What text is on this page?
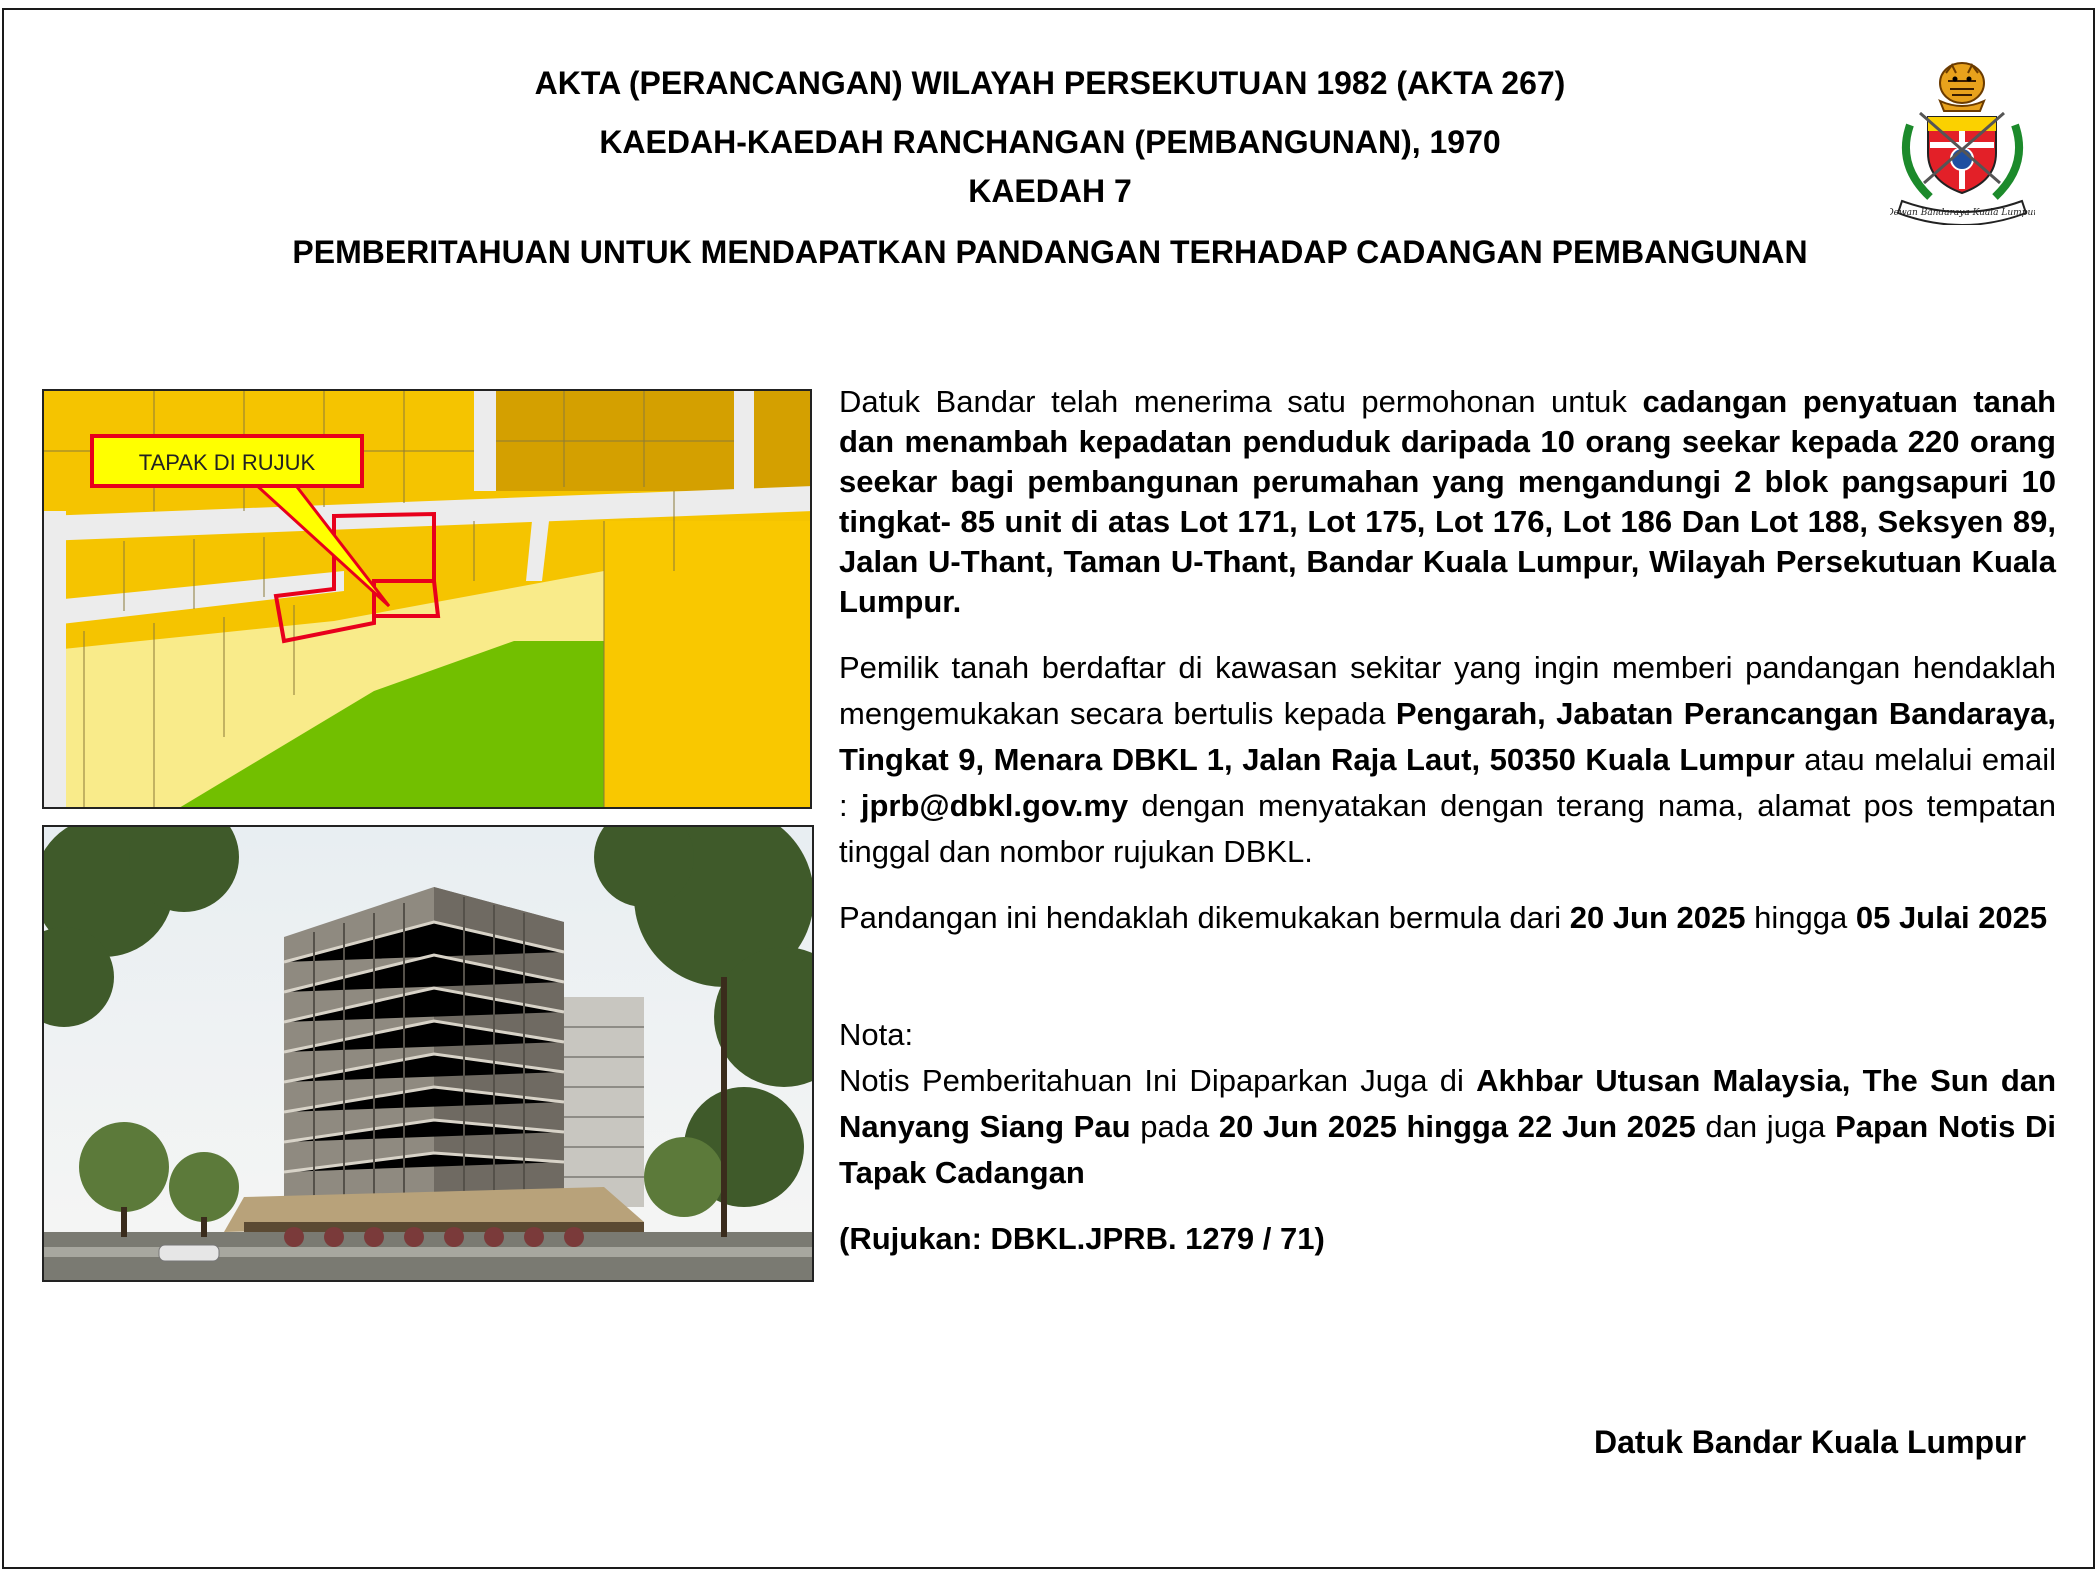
AKTA (PERANCANGAN) WILAYAH PERSEKUTUAN 1982 (AKTA 267)
KAEDAH-KAEDAH RANCHANGAN (PEMBANGUNAN), 1970
KAEDAH 7
PEMBERITAHUAN UNTUK MENDAPATKAN PANDANGAN TERHADAP CADANGAN PEMBANGUNAN
Dewan Bandaraya Kuala Lumpur
TAPAK DI RUJUK
Datuk Bandar telah menerima satu permohonan untuk cadangan penyatuan tanah dan menambah kepadatan penduduk daripada 10 orang seekar kepada 220 orang seekar bagi pembangunan perumahan yang mengandungi 2 blok pangsapuri 10 tingkat- 85 unit di atas Lot 171, Lot 175, Lot 176, Lot 186 Dan Lot 188, Seksyen 89, Jalan U-Thant, Taman U-Thant, Bandar Kuala Lumpur, Wilayah Persekutuan Kuala Lumpur.
Pemilik tanah berdaftar di kawasan sekitar yang ingin memberi pandangan hendaklah mengemukakan secara bertulis kepada Pengarah, Jabatan Perancangan Bandaraya, Tingkat 9, Menara DBKL 1, Jalan Raja Laut, 50350 Kuala Lumpur atau melalui email : jprb@dbkl.gov.my dengan menyatakan dengan terang nama, alamat pos tempatan tinggal dan nombor rujukan DBKL.
Pandangan ini hendaklah dikemukakan bermula dari 20 Jun 2025 hingga 05 Julai 2025
Nota:
Notis Pemberitahuan Ini Dipaparkan Juga di Akhbar Utusan Malaysia, The Sun dan Nanyang Siang Pau pada 20 Jun 2025 hingga 22 Jun 2025 dan juga Papan Notis Di Tapak Cadangan
(Rujukan: DBKL.JPRB. 1279 / 71)
Datuk Bandar Kuala Lumpur
